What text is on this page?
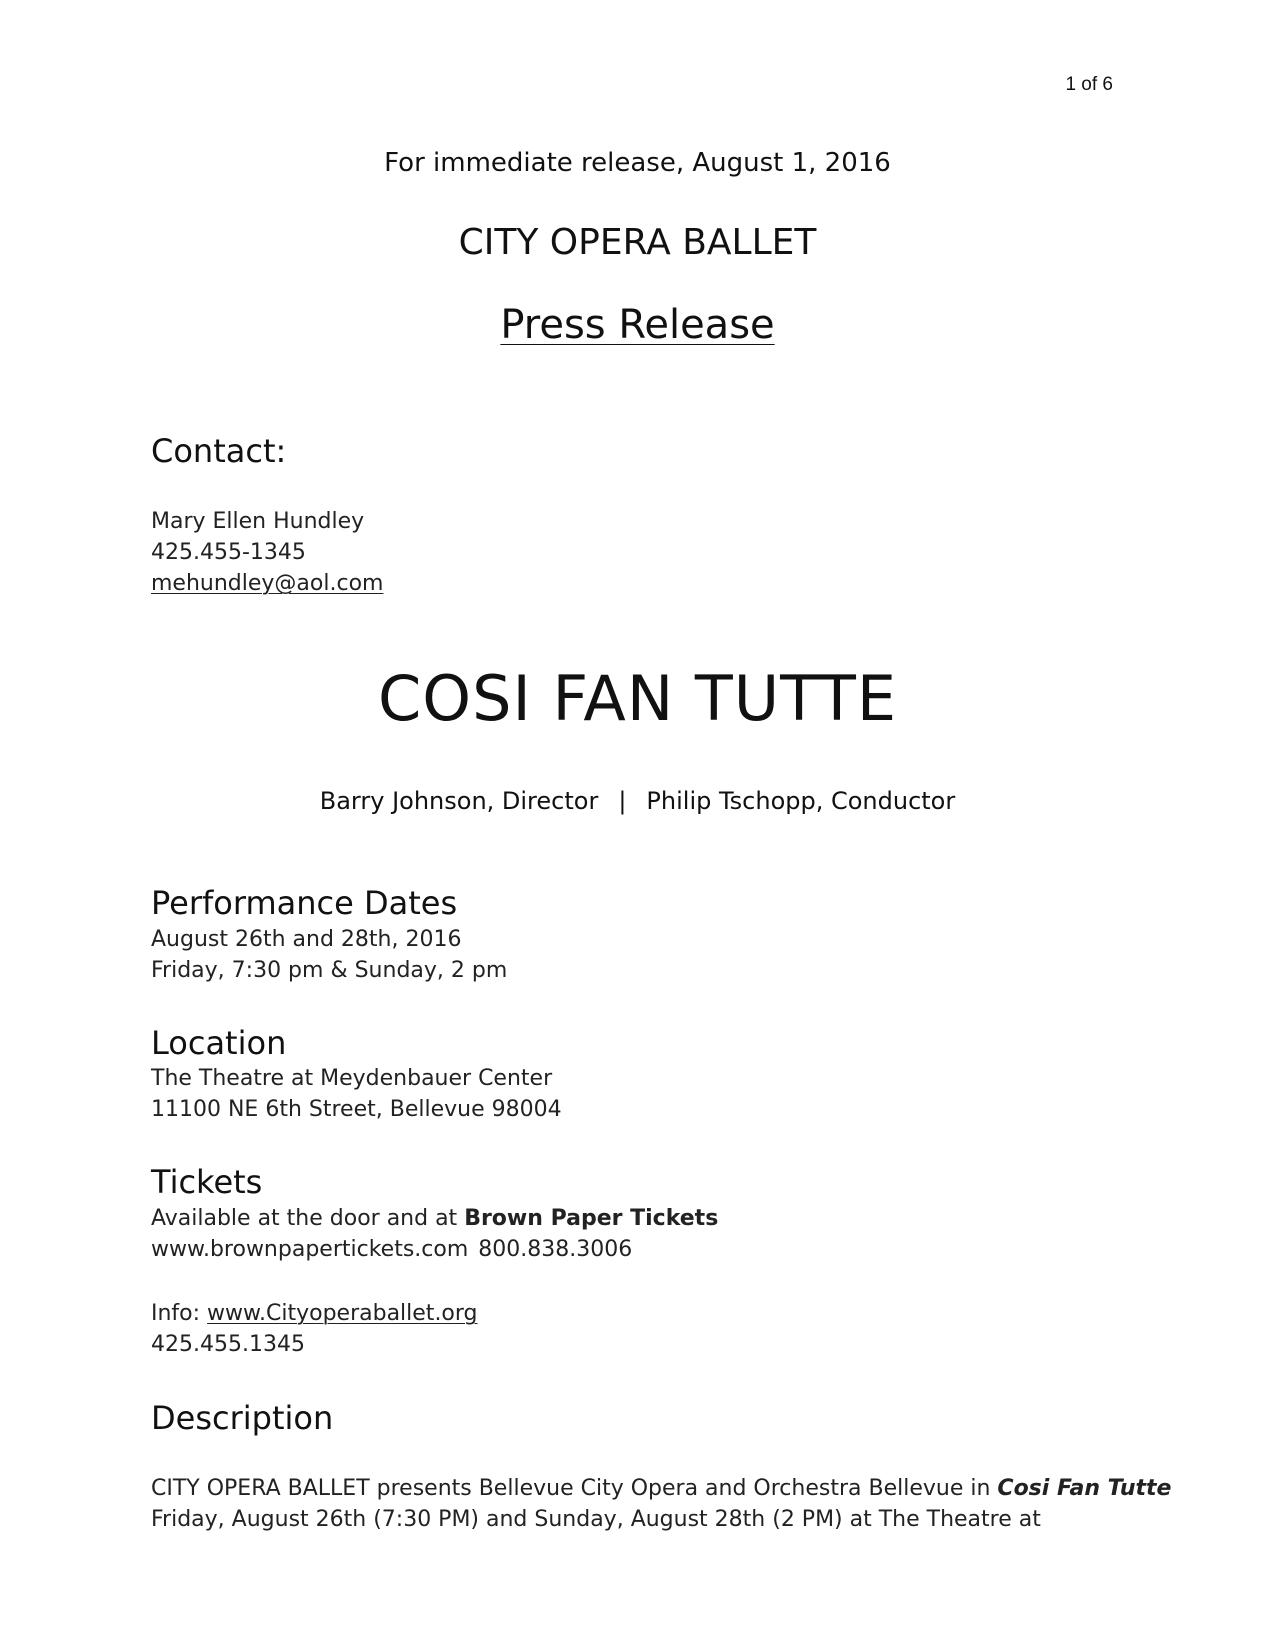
1 of 6
For immediate release, August 1, 2016
CITY OPERA BALLET
Press Release
Contact:
Mary Ellen Hundley
425.455-1345
mehundley@aol.com
COSI FAN TUTTE
Barry Johnson, Director | Philip Tschopp, Conductor
Performance Dates
August 26th and 28th, 2016
Friday, 7:30 pm & Sunday, 2 pm
Location
The Theatre at Meydenbauer Center
11100 NE 6th Street, Bellevue 98004
Tickets
Available at the door and at Brown Paper Tickets
www.brownpapertickets.com 800.838.3006
Info: www.Cityoperaballet.org
425.455.1345
Description
CITY OPERA BALLET presents Bellevue City Opera and Orchestra Bellevue in Cosi Fan Tutte
Friday, August 26th (7:30 PM) and Sunday, August 28th (2 PM) at The Theatre at
